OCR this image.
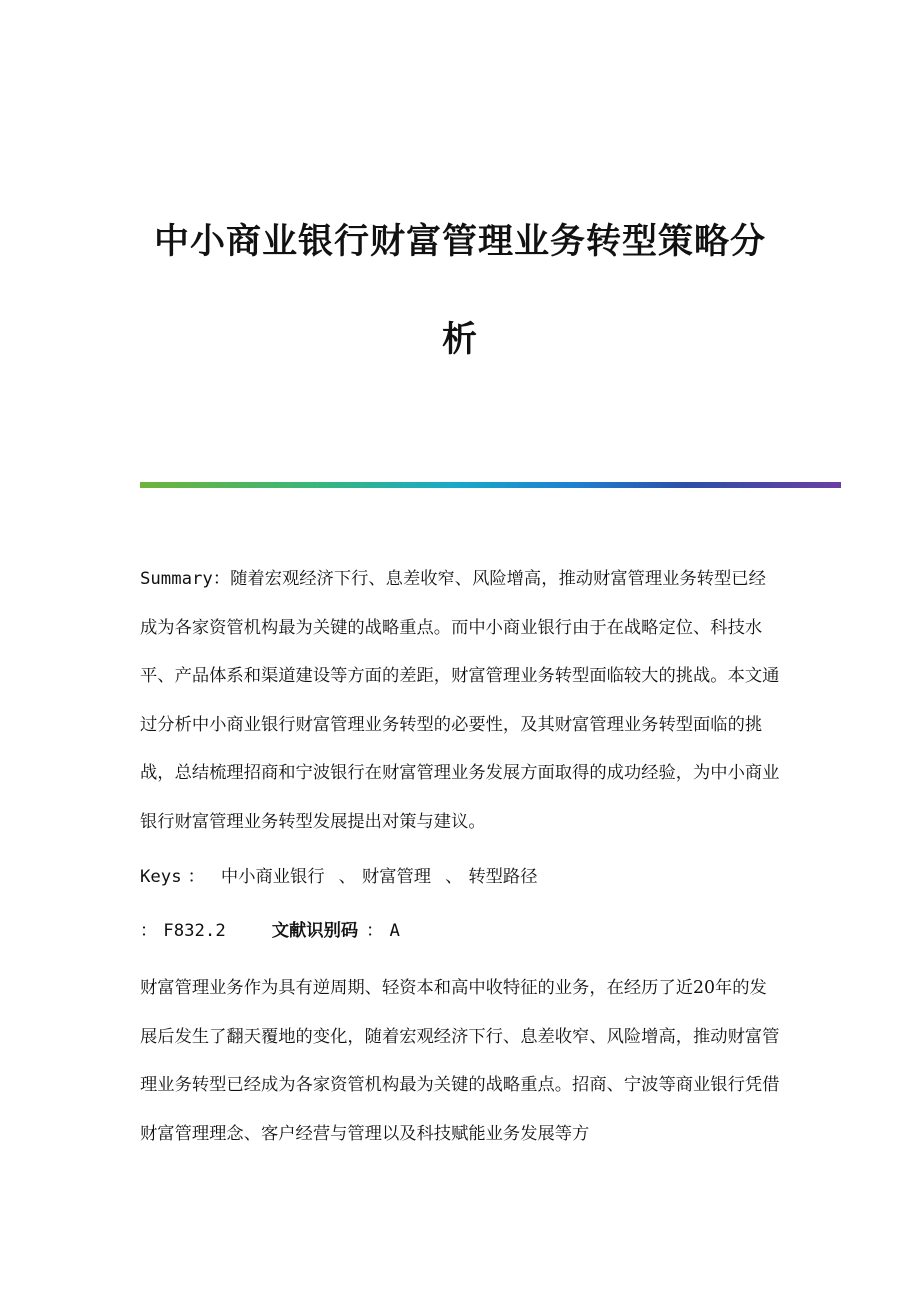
中小商业银行财富管理业务转型策略分
析
Summary：随着宏观经济下行、息差收窄、风险增高，推动财富管理业务转型已经成为各家资管机构最为关键的战略重点。而中小商业银行由于在战略定位、科技水平、产品体系和渠道建设等方面的差距，财富管理业务转型面临较大的挑战。本文通过分析中小商业银行财富管理业务转型的必要性，及其财富管理业务转型面临的挑战，总结梳理招商和宁波银行在财富管理业务发展方面取得的成功经验，为中小商业银行财富管理业务转型发展提出对策与建议。
Keys ： 中小商业银行 、 财富管理 、 转型路径
： F832.2	文献识别码 ： A
财富管理业务作为具有逆周期、轻资本和高中收特征的业务，在经历了近20年的发展后发生了翻天覆地的变化，随着宏观经济下行、息差收窄、风险增高，推动财富管理业务转型已经成为各家资管机构最为关键的战略重点。招商、宁波等商业银行凭借财富管理理念、客户经营与管理以及科技赋能业务发展等方
